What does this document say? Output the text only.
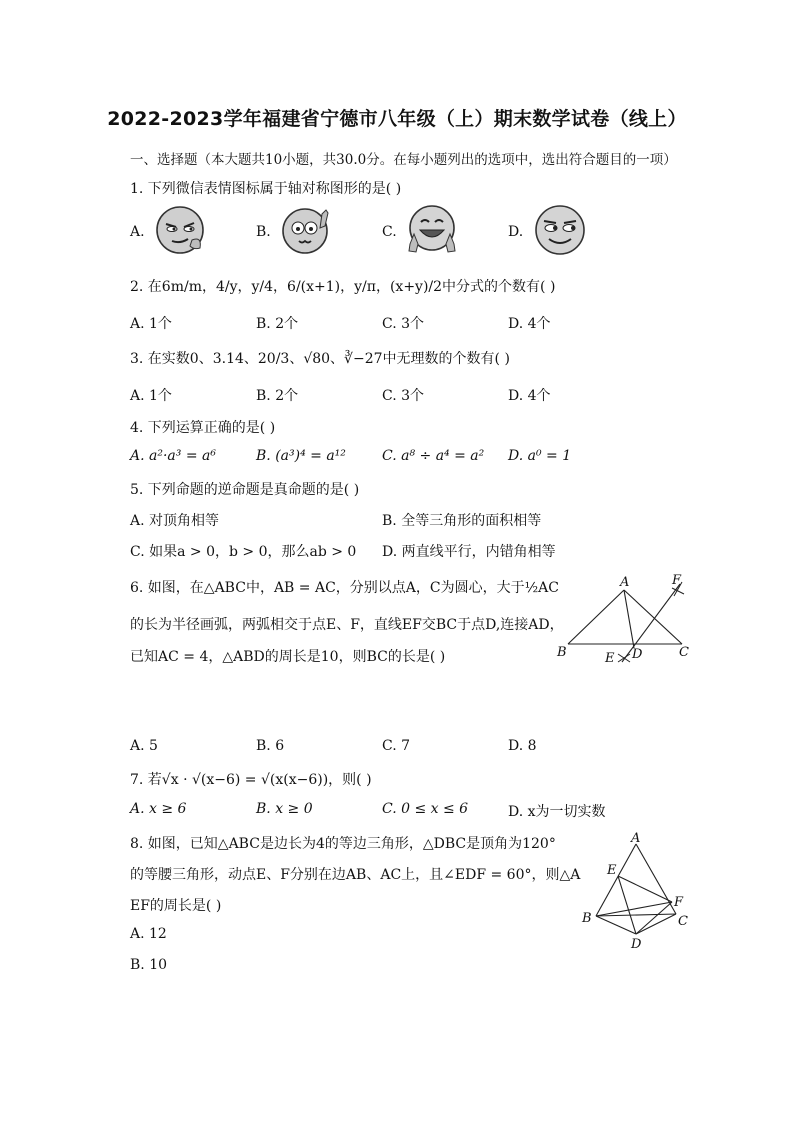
2022-2023学年福建省宁德市八年级（上）期末数学试卷（线上）
一、选择题（本大题共10小题，共30.0分。在每小题列出的选项中，选出符合题目的一项）
1. 下列微信表情图标属于轴对称图形的是( )
A.	B.	C.	D.
2. 在6m/m，4/y，y/4，6/(x+1)，y/π，(x+y)/2中分式的个数有( )
A. 1个	B. 2个	C. 3个	D. 4个
3. 在实数0、3.14、20/3、√80、∛−27中无理数的个数有( )
A. 1个	B. 2个	C. 3个	D. 4个
4. 下列运算正确的是( )
A. a²·a³ = a⁶	B. (a³)⁴ = a¹²	C. a⁸ ÷ a⁴ = a² D. a⁰ = 1
5. 下列命题的逆命题是真命题的是( )
A. 对顶角相等	B. 全等三角形的面积相等
C. 如果a > 0，b > 0，那么ab > 0 D. 两直线平行，内错角相等
6. 如图，在△ABC中，AB = AC，分别以点A，C为圆心，大于½AC
的长为半径画弧，两弧相交于点E、F，直线EF交BC于点D,连接AD，
已知AC = 4，△ABD的周长是10，则BC的长是( )
A
B	C
D
E
F
A. 5	B. 6	C. 7	D. 8
7. 若√x · √(x−6) = √(x(x−6))，则( )
A. x ≥ 6	B. x ≥ 0	C. 0 ≤ x ≤ 6	D. x为一切实数
8. 如图，已知△ABC是边长为4的等边三角形，△DBC是顶角为120°
的等腰三角形，动点E、F分别在边AB、AC上，且∠EDF = 60°，则△A
EF的周长是( )
A
B	C
D
E
F
A. 12
B. 10
